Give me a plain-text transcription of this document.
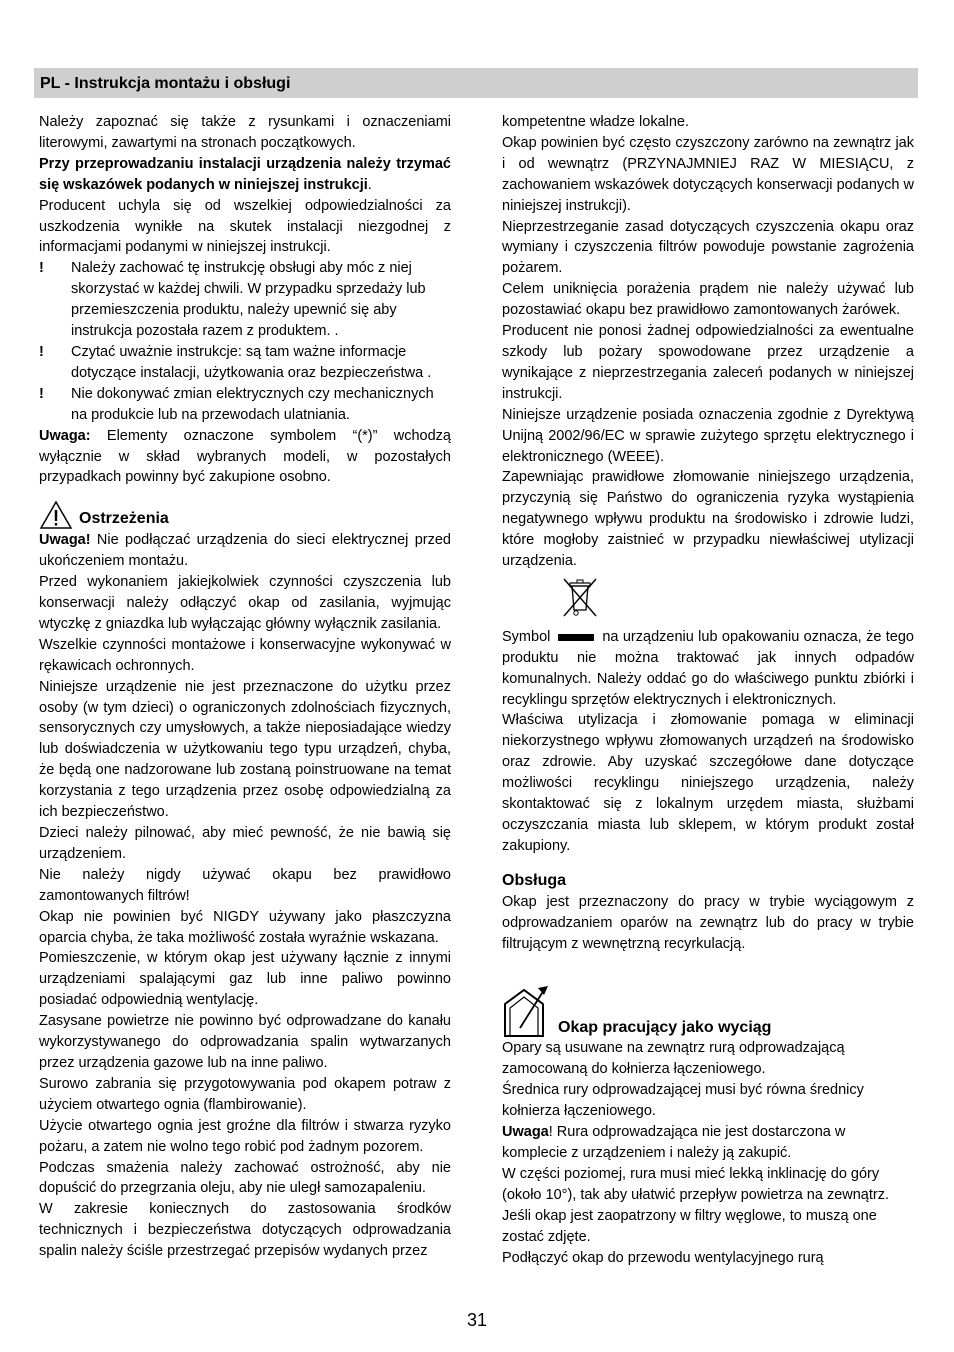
PL - Instrukcja montażu i obsługi

Należy zapoznać się także z rysunkami i oznaczeniami literowymi, zawartymi na stronach początkowych.

Przy przeprowadzaniu instalacji urządzenia należy trzymać się wskazówek podanych w niniejszej instrukcji.

Producent uchyla się od wszelkiej odpowiedzialności za uszkodzenia wynikłe na skutek instalacji niezgodnej z informacjami podanymi w niniejszej instrukcji.

!	Należy zachować tę instrukcję obsługi aby móc z niej skorzystać w każdej chwili. W przypadku sprzedaży lub przemieszczenia produktu, należy upewnić się aby instrukcja pozostała razem z produktem. .
!	Czytać uważnie instrukcje: są tam ważne informacje dotyczące instalacji, użytkowania oraz bezpieczeństwa .
!	Nie dokonywać zmian elektrycznych czy mechanicznych na produkcie lub na przewodach ulatniania.

Uwaga: Elementy oznaczone symbolem “(*)” wchodzą wyłącznie w skład wybranych modeli, w pozostałych przypadkach powinny być zakupione osobno.

Ostrzeżenia

Uwaga! Nie podłączać urządzenia do sieci elektrycznej przed ukończeniem montażu.

Przed wykonaniem jakiejkolwiek czynności czyszczenia lub konserwacji należy odłączyć okap od zasilania, wyjmując wtyczkę z gniazdka lub wyłączając główny wyłącznik zasilania.

Wszelkie czynności montażowe i konserwacyjne wykonywać w rękawicach ochronnych.

Niniejsze urządzenie nie jest przeznaczone do użytku przez osoby (w tym dzieci) o ograniczonych zdolnościach fizycznych, sensorycznych czy umysłowych, a także nieposiadające wiedzy lub doświadczenia w użytkowaniu tego typu urządzeń, chyba, że będą one nadzorowane lub zostaną poinstruowane na temat korzystania z tego urządzenia przez osobę odpowiedzialną za ich bezpieczeństwo.

Dzieci należy pilnować, aby mieć pewność, że nie bawią się urządzeniem.

Nie należy nigdy używać okapu bez prawidłowo zamontowanych filtrów!

Okap nie powinien być NIGDY używany jako płaszczyzna oparcia chyba, że taka możliwość została wyraźnie wskazana.

Pomieszczenie, w którym okap jest używany łącznie z innymi urządzeniami spalającymi gaz lub inne paliwo powinno posiadać odpowiednią wentylację.

Zasysane powietrze nie powinno być odprowadzane do kanału wykorzystywanego do odprowadzania spalin wytwarzanych przez urządzenia gazowe lub na inne paliwo.

Surowo zabrania się przygotowywania pod okapem potraw z użyciem otwartego ognia (flambirowanie).

Użycie otwartego ognia jest groźne dla filtrów i stwarza ryzyko pożaru, a zatem nie wolno tego robić pod żadnym pozorem.

Podczas smażenia należy zachować ostrożność, aby nie dopuścić do przegrzania oleju, aby nie uległ samozapaleniu.

W zakresie koniecznych do zastosowania środków technicznych i bezpieczeństwa dotyczących odprowadzania spalin należy ściśle przestrzegać przepisów wydanych przez

kompetentne władze lokalne.

Okap powinien być często czyszczony zarówno na zewnątrz jak i od wewnątrz (PRZYNAJMNIEJ RAZ W MIESIĄCU, z zachowaniem wskazówek dotyczących konserwacji podanych w niniejszej instrukcji).

Nieprzestrzeganie zasad dotyczących czyszczenia okapu oraz wymiany i czyszczenia filtrów powoduje powstanie zagrożenia pożarem.

Celem uniknięcia porażenia prądem nie należy używać lub pozostawiać okapu bez prawidłowo zamontowanych żarówek.

Producent nie ponosi żadnej odpowiedzialności za ewentualne szkody lub pożary spowodowane przez urządzenie a wynikające z nieprzestrzegania zaleceń podanych w niniejszej instrukcji.

Niniejsze urządzenie posiada oznaczenia zgodnie z Dyrektywą Unijną 2002/96/EC w sprawie zużytego sprzętu elektrycznego i elektronicznego (WEEE).

Zapewniając prawidłowe złomowanie niniejszego urządzenia, przyczynią się Państwo do ograniczenia ryzyka wystąpienia negatywnego wpływu produktu na środowisko i zdrowie ludzi, które mogłoby zaistnieć w przypadku niewłaściwej utylizacji urządzenia.

Symbol	na urządzeniu lub opakowaniu oznacza, że tego produktu nie można traktować jak innych odpadów komunalnych. Należy oddać go do właściwego punktu zbiórki i recyklingu sprzętów elektrycznych i elektronicznych.

Właściwa utylizacja i złomowanie pomaga w eliminacji niekorzystnego wpływu złomowanych urządzeń na środowisko oraz zdrowie. Aby uzyskać szczegółowe dane dotyczące możliwości recyklingu niniejszego urządzenia, należy skontaktować się z lokalnym urzędem miasta, służbami oczyszczania miasta lub sklepem, w którym produkt został zakupiony.

Obsługa

Okap jest przeznaczony do pracy w trybie wyciągowym z odprowadzaniem oparów na zewnątrz lub do pracy w trybie filtrującym z wewnętrzną recyrkulacją.

Okap pracujący jako wyciąg

Opary są usuwane na zewnątrz rurą odprowadzającą zamocowaną do kołnierza łączeniowego.

Średnica rury odprowadzającej musi być równa średnicy kołnierza łączeniowego.

Uwaga! Rura odprowadzająca nie jest dostarczona w komplecie z urządzeniem i należy ją zakupić.

W części poziomej, rura musi mieć lekką inklinację do góry (około 10°), tak aby ułatwić przepływ powietrza na zewnątrz.

Jeśli okap jest zaopatrzony w filtry węglowe, to muszą one zostać zdjęte.

Podłączyć okap do przewodu wentylacyjnego rurą

31
